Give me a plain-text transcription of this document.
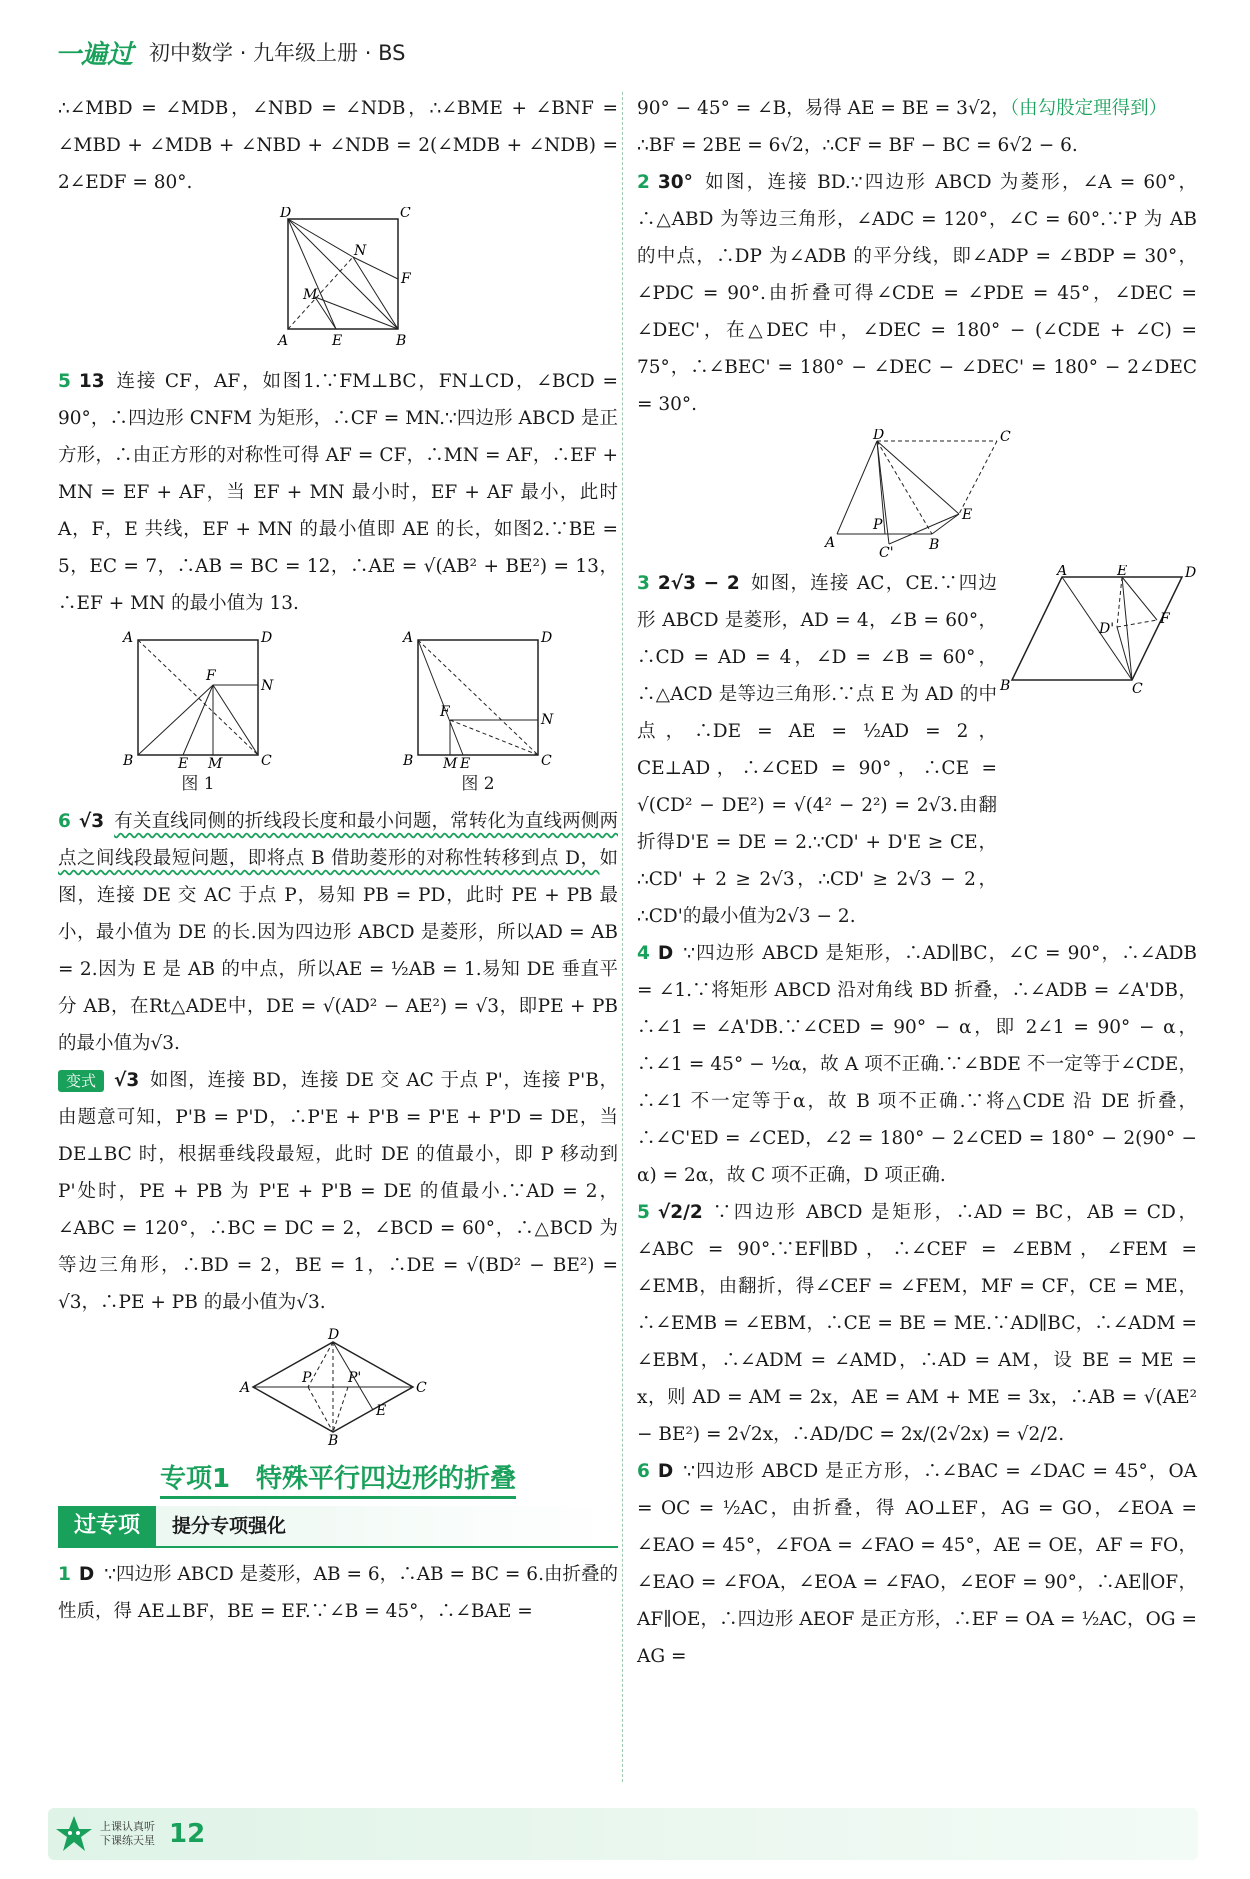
一遍过 初中数学 · 九年级上册 · BS

∴∠MBD = ∠MDB，∠NBD = ∠NDB，∴∠BME + ∠BNF = ∠MBD + ∠MDB + ∠NBD + ∠NDB = 2(∠MDB + ∠NDB) = 2∠EDF = 80°.

D	C
A	E	B
N
F
M

5 13 连接 CF，AF，如图1.∵FM⊥BC，FN⊥CD，∠BCD = 90°，∴四边形 CNFM 为矩形，∴CF = MN.∵四边形 ABCD 是正方形，∴由正方形的对称性可得 AF = CF，∴MN = AF，∴EF + MN = EF + AF，当 EF + MN 最小时，EF + AF 最小，此时 A，F，E 共线，EF + MN 的最小值即 AE 的长，如图2.∵BE = 5，EC = 7，∴AB = BC = 12，∴AE = √(AB² + BE²) = 13，∴EF + MN 的最小值为 13.

A	D
B	E M	C
F
N
A	D
B M E	C
F	N
图 1	图 2

6 √3 有关直线同侧的折线段长度和最小问题，常转化为直线两侧两点之间线段最短问题，即将点 B 借助菱形的对称性转移到点 D，如图，连接 DE 交 AC 于点 P，易知 PB = PD，此时 PE + PB 最小，最小值为 DE 的长.因为四边形 ABCD 是菱形，所以AD = AB = 2.因为 E 是 AB 的中点，所以AE = ½AB = 1.易知 DE 垂直平分 AB，在Rt△ADE中，DE = √(AD² − AE²) = √3，即PE + PB 的最小值为√3.

变式 √3 如图，连接 BD，连接 DE 交 AC 于点 P'，连接 P'B，由题意可知，P'B = P'D，∴P'E + P'B = P'E + P'D = DE，当 DE⊥BC 时，根据垂线段最短，此时 DE 的值最小，即 P 移动到 P'处时，PE + PB 为 P'E + P'B = DE 的值最小.∵AD = 2，∠ABC = 120°，∴BC = DC = 2，∠BCD = 60°，∴△BCD 为等边三角形，∴BD = 2，BE = 1，∴DE = √(BD² − BE²) = √3，∴PE + PB 的最小值为√3.

A
D
C
B
P	P'
E
专项1　特殊平行四边形的折叠
过专项	提分专项强化

1 D ∵四边形 ABCD 是菱形，AB = 6，∴AB = BC = 6.由折叠的性质，得 AE⊥BF，BE = EF.∵∠B = 45°，∴∠BAE =

90° − 45° = ∠B，易得 AE = BE = 3√2，（由勾股定理得到）

∴BF = 2BE = 6√2，∴CF = BF − BC = 6√2 − 6.

2 30° 如图，连接 BD.∵四边形 ABCD 为菱形，∠A = 60°，∴△ABD 为等边三角形，∠ADC = 120°，∠C = 60°.∵P 为 AB 的中点，∴DP 为∠ADB 的平分线，即∠ADP = ∠BDP = 30°，∠PDC = 90°.由折叠可得∠CDE = ∠PDE = 45°，∠DEC = ∠DEC'，在△DEC 中，∠DEC = 180° − (∠CDE + ∠C) = 75°，∴∠BEC' = 180° − ∠DEC − ∠DEC' = 180° − 2∠DEC = 30°.

D	C
A	B
P
E
C'

3 2√3 − 2 如图，连接 AC，CE.∵四边形 ABCD 是菱形，AD = 4，∠B = 60°，∴CD = AD = 4，∠D = ∠B = 60°，∴△ACD 是等边三角形.∵点 E 为 AD 的中点，∴DE = AE = ½AD = 2，CE⊥AD，∴∠CED = 90°，∴CE = √(CD² − DE²) = √(4² − 2²) = 2√3.由翻折得D'E = DE = 2.∵CD' + D'E ≥ CE，∴CD' + 2 ≥ 2√3，∴CD' ≥ 2√3 − 2，∴CD'的最小值为2√3 − 2.

A	E	D
B	C
F
D'

4 D ∵四边形 ABCD 是矩形，∴AD∥BC，∠C = 90°，∴∠ADB = ∠1.∵将矩形 ABCD 沿对角线 BD 折叠，∴∠ADB = ∠A'DB，∴∠1 = ∠A'DB.∵∠CED = 90° − α，即 2∠1 = 90° − α，∴∠1 = 45° − ½α，故 A 项不正确.∵∠BDE 不一定等于∠CDE，∴∠1 不一定等于α，故 B 项不正确.∵将△CDE 沿 DE 折叠，∴∠C'ED = ∠CED，∠2 = 180° − 2∠CED = 180° − 2(90° − α) = 2α，故 C 项不正确，D 项正确.

5 √2/2 ∵四边形 ABCD 是矩形，∴AD = BC，AB = CD，∠ABC = 90°.∵EF∥BD，∴∠CEF = ∠EBM，∠FEM = ∠EMB，由翻折，得∠CEF = ∠FEM，MF = CF，CE = ME，∴∠EMB = ∠EBM，∴CE = BE = ME.∵AD∥BC，∴∠ADM = ∠EBM，∴∠ADM = ∠AMD，∴AD = AM，设 BE = ME = x，则 AD = AM = 2x，AE = AM + ME = 3x，∴AB = √(AE² − BE²) = 2√2x，∴AD/DC = 2x/(2√2x) = √2/2.

6 D ∵四边形 ABCD 是正方形，∴∠BAC = ∠DAC = 45°，OA = OC = ½AC，由折叠，得 AO⊥EF，AG = GO，∠EOA = ∠EAO = 45°，∠FOA = ∠FAO = 45°，AE = OE，AF = FO，∠EAO = ∠FOA，∠EOA = ∠FAO，∠EOF = 90°，∴AE∥OF，AF∥OE，∴四边形 AEOF 是正方形，∴EF = OA = ½AC，OG = AG =

上课认真听
下课练天星 12
